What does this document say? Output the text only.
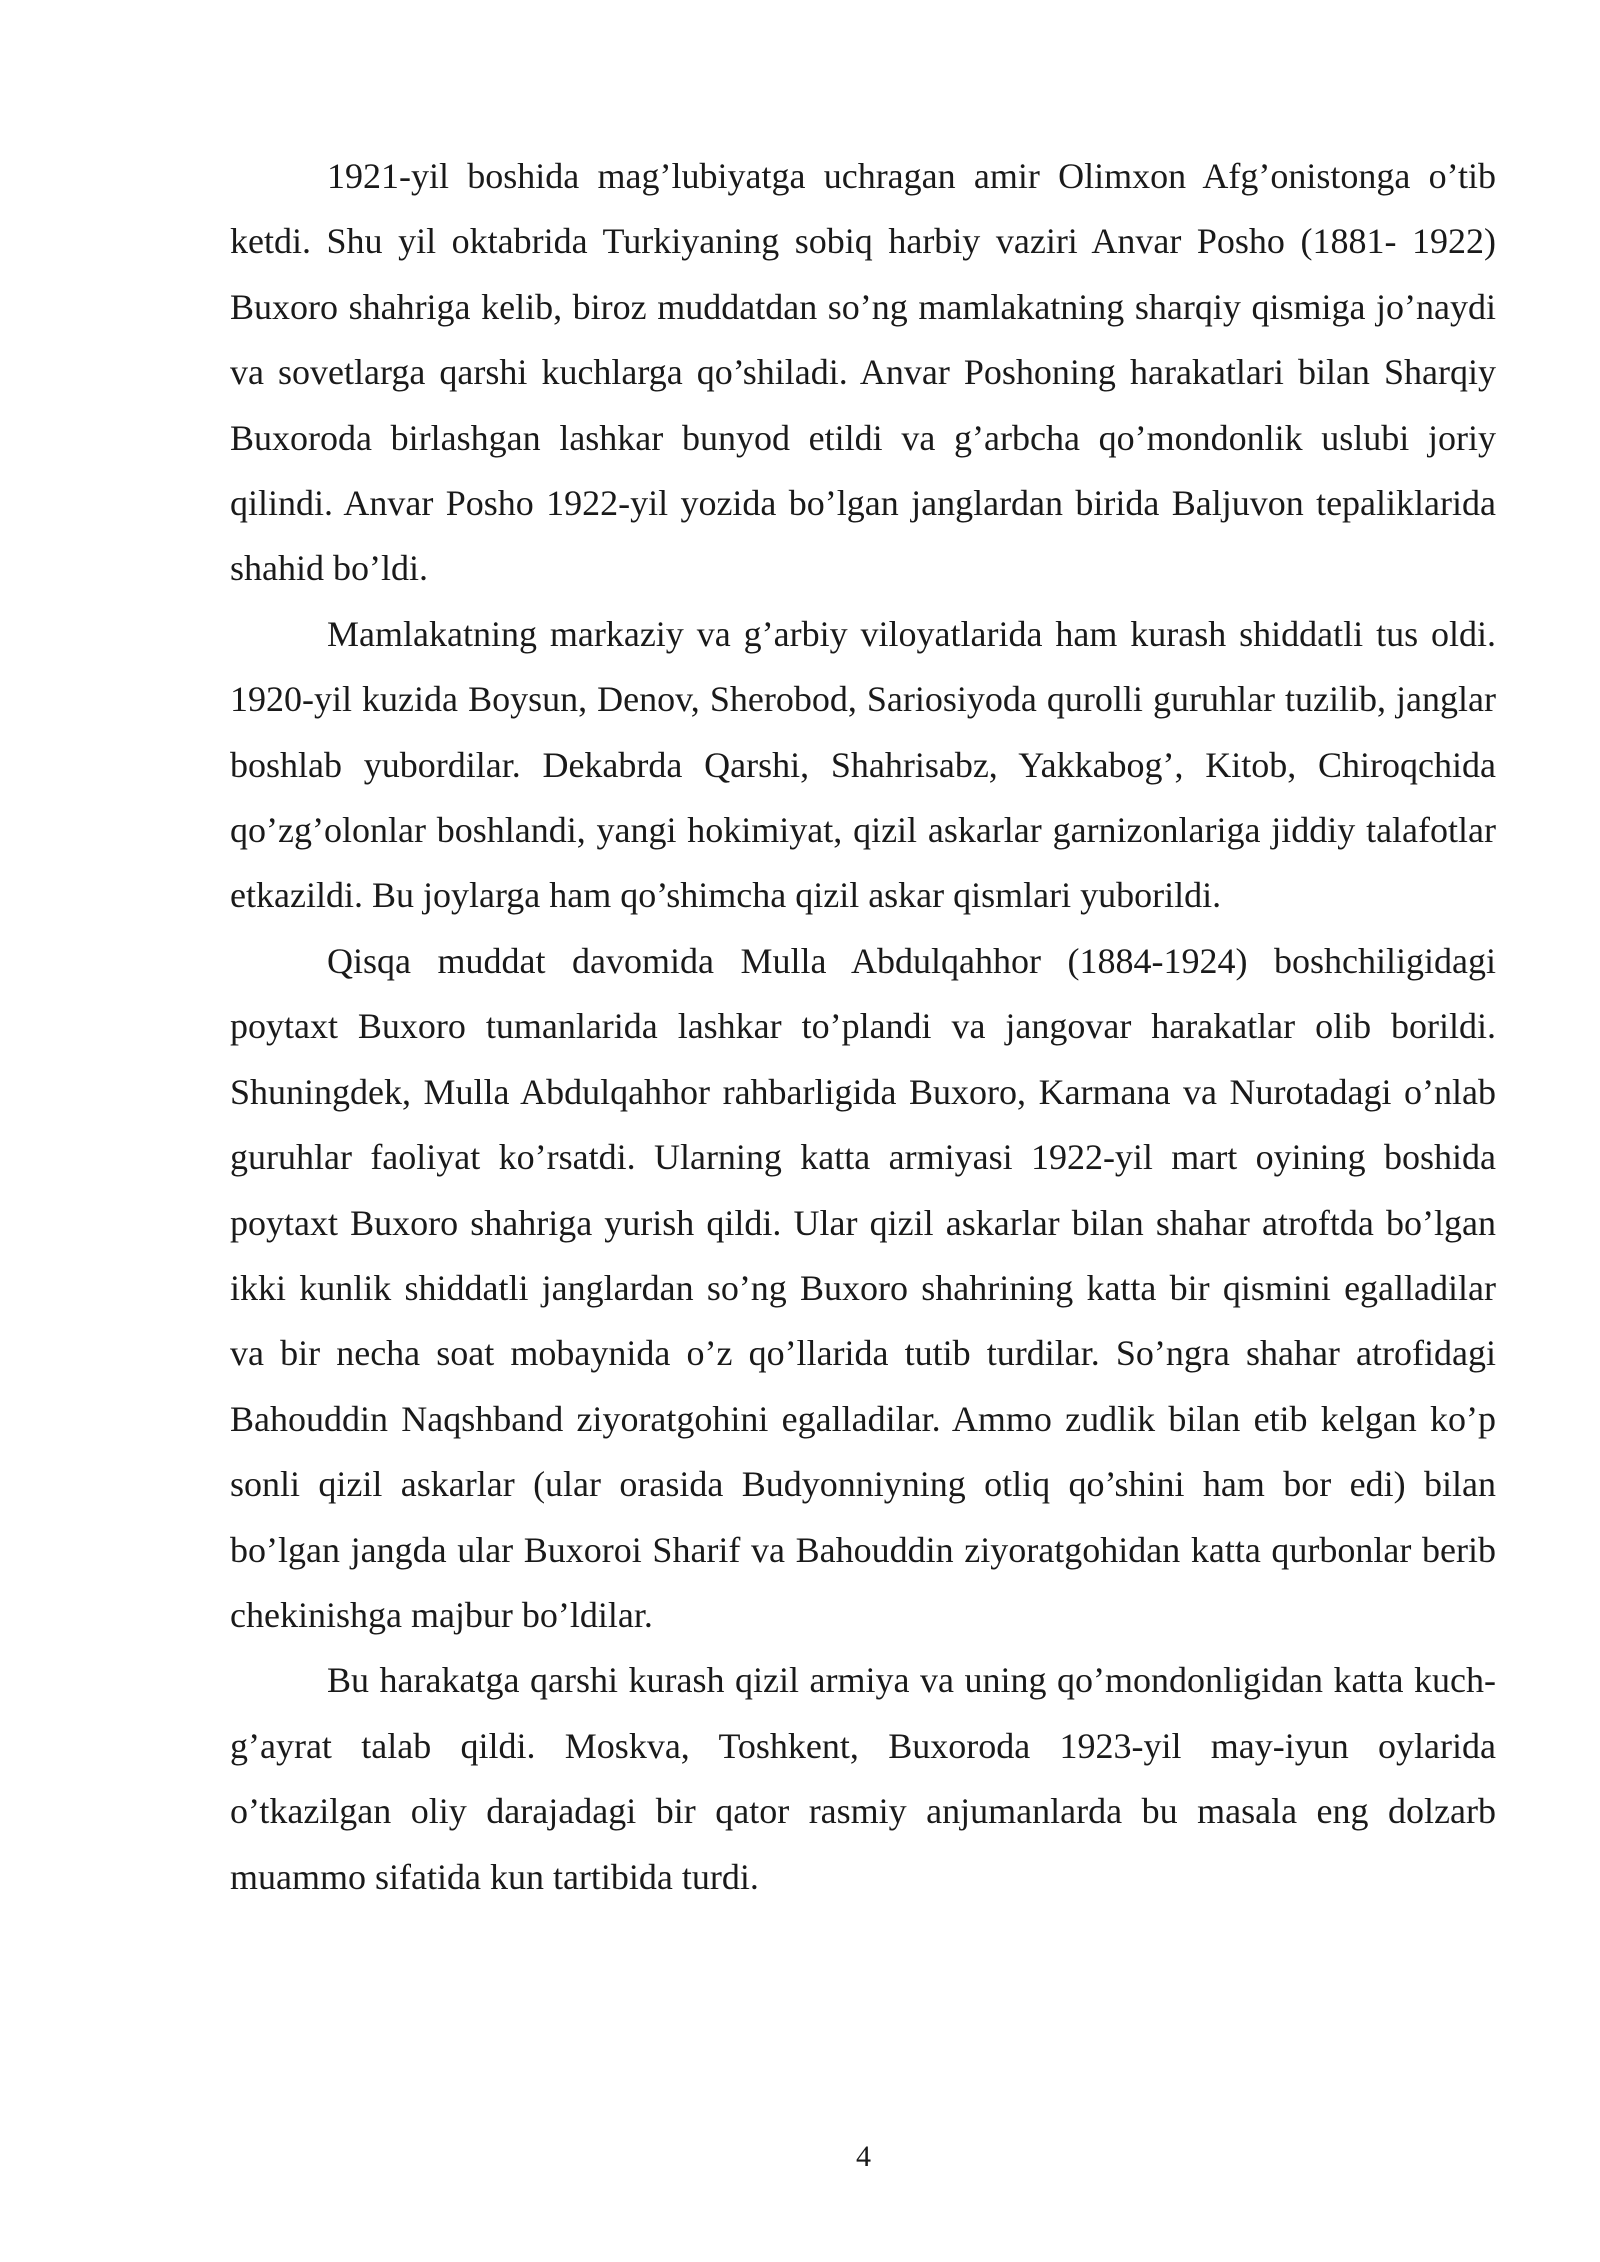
1921-yil boshida mag’lubiyatga uchragan amir Olimxon Afg’onistonga o’tib ketdi. Shu yil oktabrida Turkiyaning sobiq harbiy vaziri Anvar Posho (1881- 1922) Buxoro shahriga kelib, biroz muddatdan so’ng mamlakatning sharqiy qismiga jo’naydi va sovetlarga qarshi kuchlarga qo’shiladi. Anvar Poshoning harakatlari bilan Sharqiy Buxoroda birlashgan lashkar bunyod etildi va g’arbcha qo’mondonlik uslubi joriy qilindi. Anvar Posho 1922-yil yozida bo’lgan janglardan birida Baljuvon tepaliklarida shahid bo’ldi.

Mamlakatning markaziy va g’arbiy viloyatlarida ham kurash shiddatli tus oldi. 1920-yil kuzida Boysun, Denov, Sherobod, Sariosiyoda qurolli guruhlar tuzilib, janglar boshlab yubordilar. Dekabrda Qarshi, Shahrisabz, Yakkabog’, Kitob, Chiroqchida qo’zg’olonlar boshlandi, yangi hokimiyat, qizil askarlar garnizonlariga jiddiy talafotlar etkazildi. Bu joylarga ham qo’shimcha qizil askar qismlari yuborildi.

Qisqa muddat davomida Mulla Abdulqahhor (1884-1924) boshchiligidagi poytaxt Buxoro tumanlarida lashkar to’plandi va jangovar harakatlar olib borildi. Shuningdek, Mulla Abdulqahhor rahbarligida Buxoro, Karmana va Nurotadagi o’nlab guruhlar faoliyat ko’rsatdi. Ularning katta armiyasi 1922-yil mart oyining boshida poytaxt Buxoro shahriga yurish qildi. Ular qizil askarlar bilan shahar atroftda bo’lgan ikki kunlik shiddatli janglardan so’ng Buxoro shahrining katta bir qismini egalladilar va bir necha soat mobaynida o’z qo’llarida tutib turdilar. So’ngra shahar atrofidagi Bahouddin Naqshband ziyoratgohini egalladilar. Ammo zudlik bilan etib kelgan ko’p sonli qizil askarlar (ular orasida Budyonniyning otliq qo’shini ham bor edi) bilan bo’lgan jangda ular Buxoroi Sharif va Bahouddin ziyoratgohidan katta qurbonlar berib chekinishga majbur bo’ldilar.

Bu harakatga qarshi kurash qizil armiya va uning qo’mondonligidan katta kuch-g’ayrat talab qildi. Moskva, Toshkent, Buxoroda 1923-yil may-iyun oylarida o’tkazilgan oliy darajadagi bir qator rasmiy anjumanlarda bu masala eng dolzarb muammo sifatida kun tartibida turdi.

4
